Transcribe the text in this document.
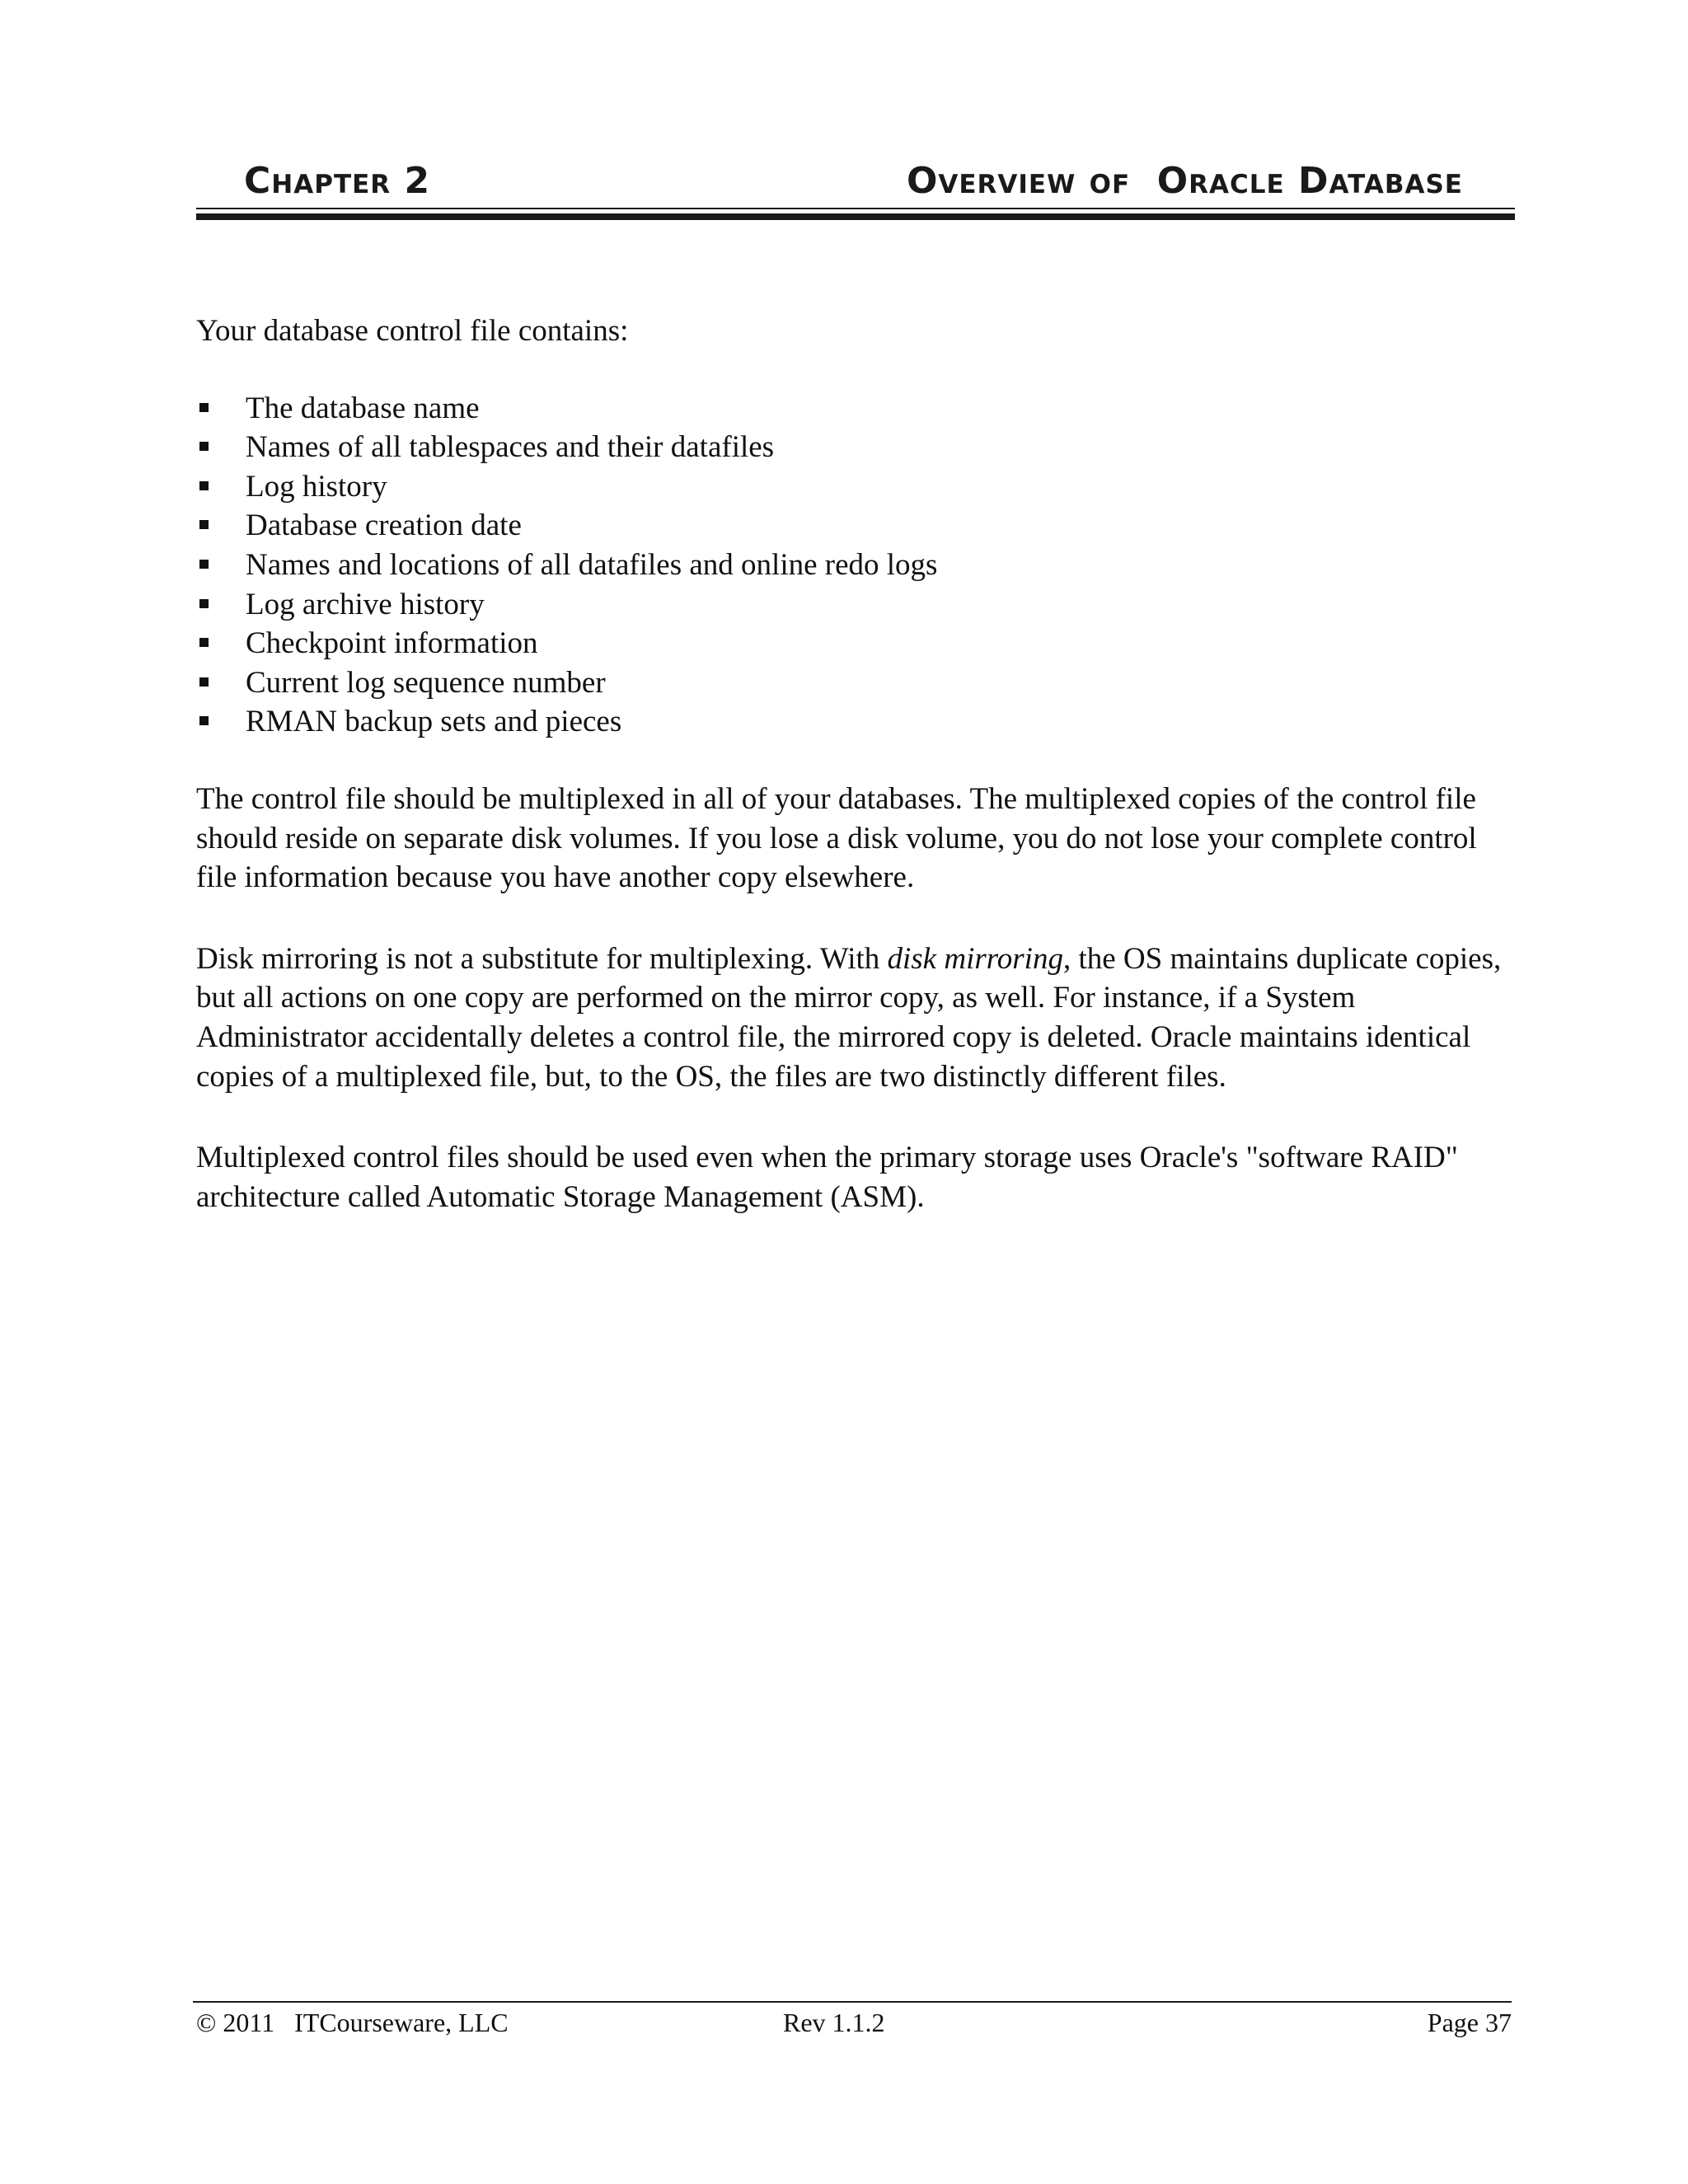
Chapter 2	Overview of  Oracle Database

Your database control file contains:

The database name
Names of all tablespaces and their datafiles
Log history
Database creation date
Names and locations of all datafiles and online redo logs
Log archive history
Checkpoint information
Current log sequence number
RMAN backup sets and pieces

The control file should be multiplexed in all of your databases. The multiplexed copies of the control file should reside on separate disk volumes. If you lose a disk volume, you do not lose your complete control file information because you have another copy elsewhere.

Disk mirroring is not a substitute for multiplexing. With disk mirroring, the OS maintains duplicate copies, but all actions on one copy are performed on the mirror copy, as well. For instance, if a System Administrator accidentally deletes a control file, the mirrored copy is deleted. Oracle maintains identical copies of a multiplexed file, but, to the OS, the files are two distinctly different files.

Multiplexed control files should be used even when the primary storage uses Oracle's "software RAID" architecture called Automatic Storage Management (ASM).

© 2011   ITCourseware, LLC	Rev 1.1.2	Page 37
